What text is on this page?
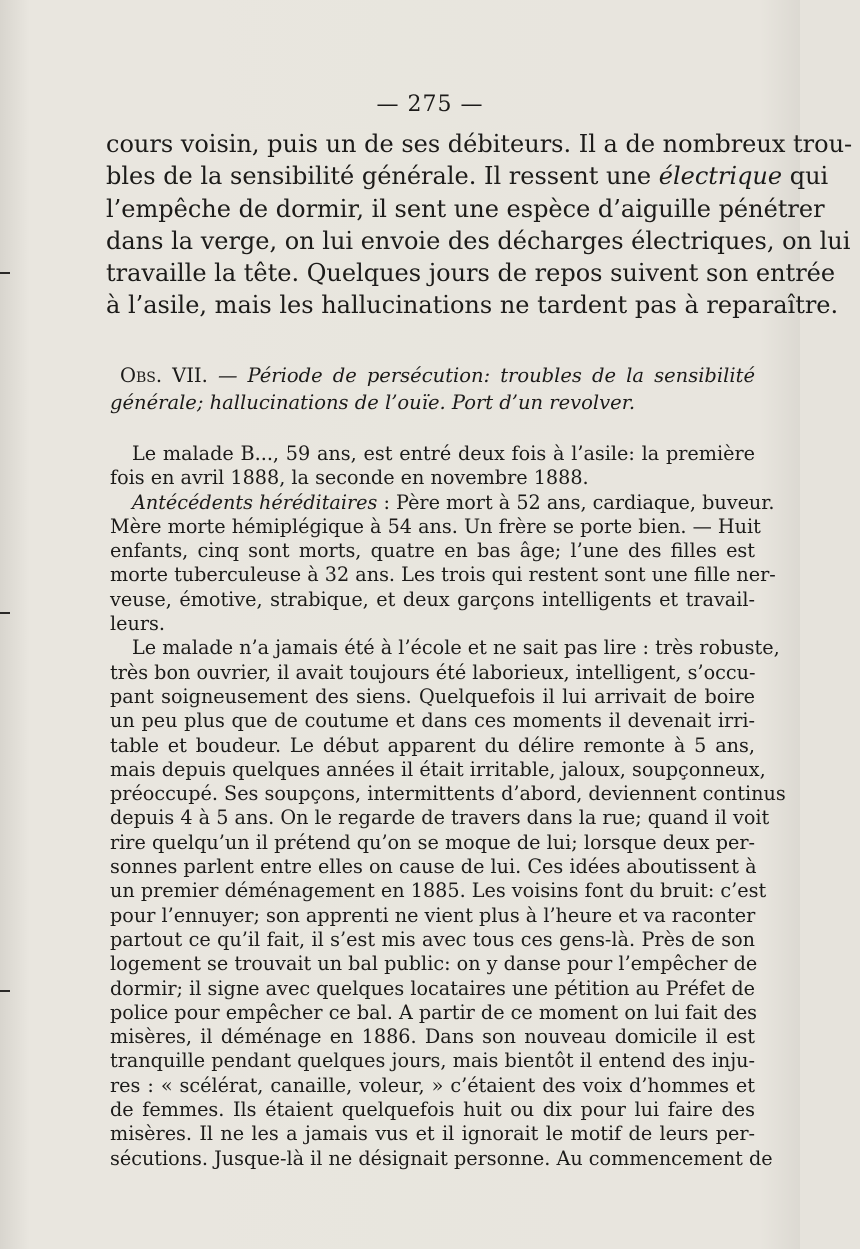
— 275 —
cours voisin, puis un de ses débiteurs. Il a de nombreux trou-
bles de la sensibilité générale. Il ressent une électrique qui
l’empêche de dormir, il sent une espèce d’aiguille pénétrer
dans la verge, on lui envoie des décharges électriques, on lui
travaille la tête. Quelques jours de repos suivent son entrée
à l’asile, mais les hallucinations ne tardent pas à reparaître.
Obs. VII. — Période de persécution: troubles de la sensibilité
générale; hallucinations de l’ouïe. Port d’un revolver.
Le malade B..., 59 ans, est entré deux fois à l’asile: la première
fois en avril 1888, la seconde en novembre 1888.
Antécédents héréditaires : Père mort à 52 ans, cardiaque, buveur.
Mère morte hémiplégique à 54 ans. Un frère se porte bien. — Huit
enfants, cinq sont morts, quatre en bas âge; l’une des filles est
morte tuberculeuse à 32 ans. Les trois qui restent sont une fille ner-
veuse, émotive, strabique, et deux garçons intelligents et travail-
leurs.
Le malade n’a jamais été à l’école et ne sait pas lire : très robuste,
très bon ouvrier, il avait toujours été laborieux, intelligent, s’occu-
pant soigneusement des siens. Quelquefois il lui arrivait de boire
un peu plus que de coutume et dans ces moments il devenait irri-
table et boudeur. Le début apparent du délire remonte à 5 ans,
mais depuis quelques années il était irritable, jaloux, soupçonneux,
préoccupé. Ses soupçons, intermittents d’abord, deviennent continus
depuis 4 à 5 ans. On le regarde de travers dans la rue; quand il voit
rire quelqu’un il prétend qu’on se moque de lui; lorsque deux per-
sonnes parlent entre elles on cause de lui. Ces idées aboutissent à
un premier déménagement en 1885. Les voisins font du bruit: c’est
pour l’ennuyer; son apprenti ne vient plus à l’heure et va raconter
partout ce qu’il fait, il s’est mis avec tous ces gens-là. Près de son
logement se trouvait un bal public: on y danse pour l’empêcher de
dormir; il signe avec quelques locataires une pétition au Préfet de
police pour empêcher ce bal. A partir de ce moment on lui fait des
misères, il déménage en 1886. Dans son nouveau domicile il est
tranquille pendant quelques jours, mais bientôt il entend des inju-
res : « scélérat, canaille, voleur, » c’étaient des voix d’hommes et
de femmes. Ils étaient quelquefois huit ou dix pour lui faire des
misères. Il ne les a jamais vus et il ignorait le motif de leurs per-
sécutions. Jusque-là il ne désignait personne. Au commencement de
